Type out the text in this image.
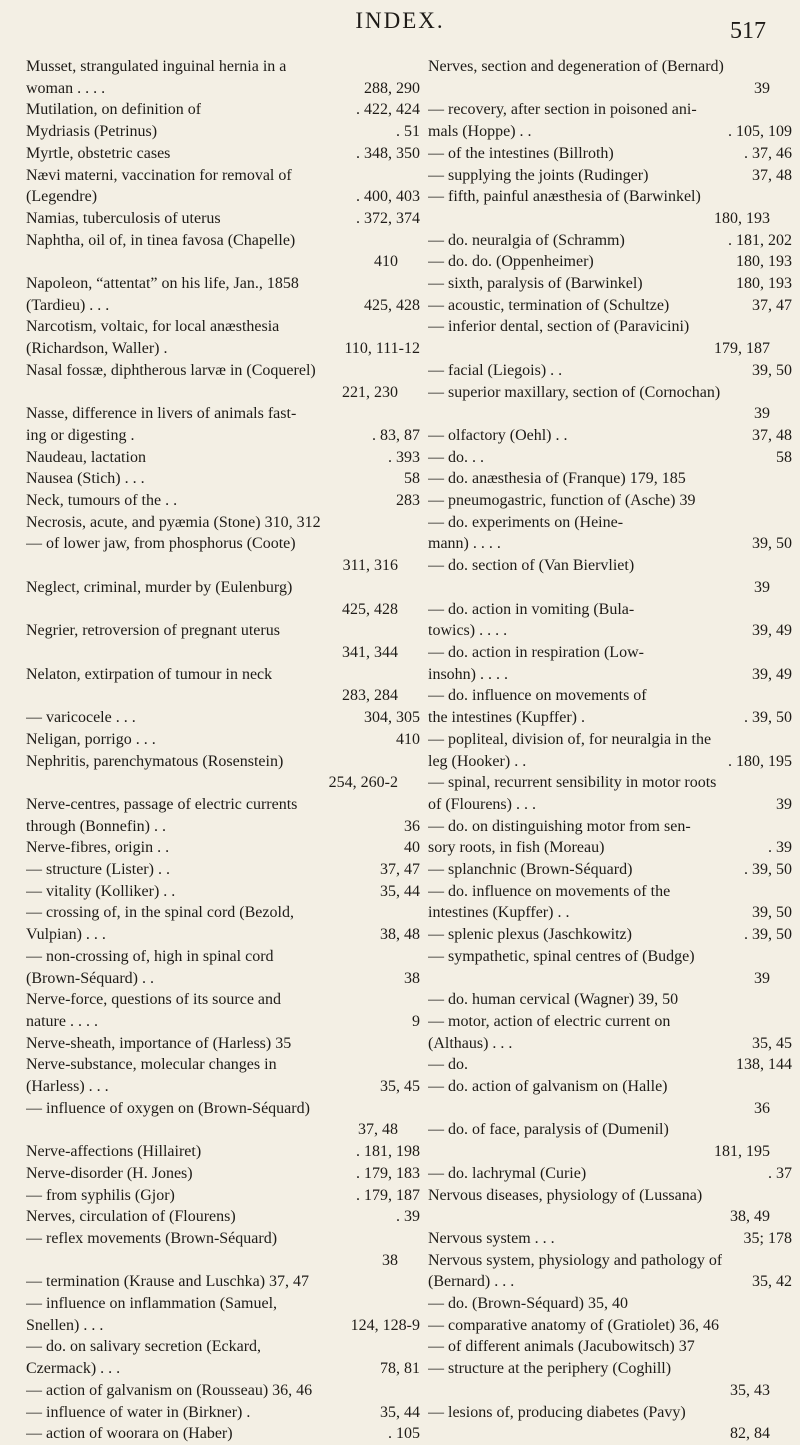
INDEX.	517
Musset, strangulated inguinal hernia in a
woman . . . .	288, 290
Mutilation, on definition of	. 422, 424
Mydriasis (Petrinus)	. 51
Myrtle, obstetric cases	. 348, 350
Nævi materni, vaccination for removal of
(Legendre)	. 400, 403
Namias, tuberculosis of uterus	. 372, 374
Naphtha, oil of, in tinea favosa (Chapelle)
410
Napoleon, “attentat” on his life, Jan., 1858
(Tardieu) . . .	425, 428
Narcotism, voltaic, for local anæsthesia
(Richardson, Waller) .	110, 111-12
Nasal fossæ, diphtherous larvæ in (Coquerel)
221, 230
Nasse, difference in livers of animals fast-
ing or digesting .	. 83, 87
Naudeau, lactation	. 393
Nausea (Stich) . . .	58
Neck, tumours of the . .	283
Necrosis, acute, and pyæmia (Stone) 310, 312
— of lower jaw, from phosphorus (Coote)
311, 316
Neglect, criminal, murder by (Eulenburg)
425, 428
Negrier, retroversion of pregnant uterus
341, 344
Nelaton, extirpation of tumour in neck
283, 284
— varicocele . . .	304, 305
Neligan, porrigo . . .	410
Nephritis, parenchymatous (Rosenstein)
254, 260-2
Nerve-centres, passage of electric currents
through (Bonnefin) . .	36
Nerve-fibres, origin . .	40
— structure (Lister) . .	37, 47
— vitality (Kolliker) . .	35, 44
— crossing of, in the spinal cord (Bezold,
Vulpian) . . .	38, 48
— non-crossing of, high in spinal cord
(Brown-Séquard) . .	38
Nerve-force, questions of its source and
nature . . . .	9
Nerve-sheath, importance of (Harless) 35
Nerve-substance, molecular changes in
(Harless) . . .	35, 45
— influence of oxygen on (Brown-Séquard)
37, 48
Nerve-affections (Hillairet)	. 181, 198
Nerve-disorder (H. Jones)	. 179, 183
— from syphilis (Gjor)	. 179, 187
Nerves, circulation of (Flourens)	. 39
— reflex movements (Brown-Séquard)
38
— termination (Krause and Luschka) 37, 47
— influence on inflammation (Samuel,
Snellen) . . .	124, 128-9
— do. on salivary secretion (Eckard,
Czermack) . . .	78, 81
— action of galvanism on (Rousseau) 36, 46
— influence of water in (Birkner) .	35, 44
— action of woorara on (Haber)	. 105
Nerves, section and degeneration of (Bernard)
39
— recovery, after section in poisoned ani-
mals (Hoppe) . .	. 105, 109
— of the intestines (Billroth)	. 37, 46
— supplying the joints (Rudinger)	37, 48
— fifth, painful anæsthesia of (Barwinkel)
180, 193
— do. neuralgia of (Schramm)	. 181, 202
— do. do. (Oppenheimer)	180, 193
— sixth, paralysis of (Barwinkel)	180, 193
— acoustic, termination of (Schultze)	37, 47
— inferior dental, section of (Paravicini)
179, 187
— facial (Liegois) . .	39, 50
— superior maxillary, section of (Cornochan)
39
— olfactory (Oehl) . .	37, 48
— do. . .	58
— do. anæsthesia of (Franque) 179, 185
— pneumogastric, function of (Asche) 39
— do. experiments on (Heine-
mann) . . . .	39, 50
— do. section of (Van Biervliet)
39
— do. action in vomiting (Bula-
towics) . . . .	39, 49
— do. action in respiration (Low-
insohn) . . . .	39, 49
— do. influence on movements of
the intestines (Kupffer) .	. 39, 50
— popliteal, division of, for neuralgia in the
leg (Hooker) . .	. 180, 195
— spinal, recurrent sensibility in motor roots
of (Flourens) . . .	39
— do. on distinguishing motor from sen-
sory roots, in fish (Moreau)	. 39
— splanchnic (Brown-Séquard)	. 39, 50
— do. influence on movements of the
intestines (Kupffer) . .	39, 50
— splenic plexus (Jaschkowitz)	. 39, 50
— sympathetic, spinal centres of (Budge)
39
— do. human cervical (Wagner) 39, 50
— motor, action of electric current on
(Althaus) . . .	35, 45
— do.	138, 144
— do. action of galvanism on (Halle)
36
— do. of face, paralysis of (Dumenil)
181, 195
— do. lachrymal (Curie)	. 37
Nervous diseases, physiology of (Lussana)
38, 49
Nervous system . . .	35; 178
Nervous system, physiology and pathology of
(Bernard) . . .	35, 42
— do. (Brown-Séquard) 35, 40
— comparative anatomy of (Gratiolet) 36, 46
— of different animals (Jacubowitsch) 37
— structure at the periphery (Coghill)
35, 43
— lesions of, producing diabetes (Pavy)
82, 84
